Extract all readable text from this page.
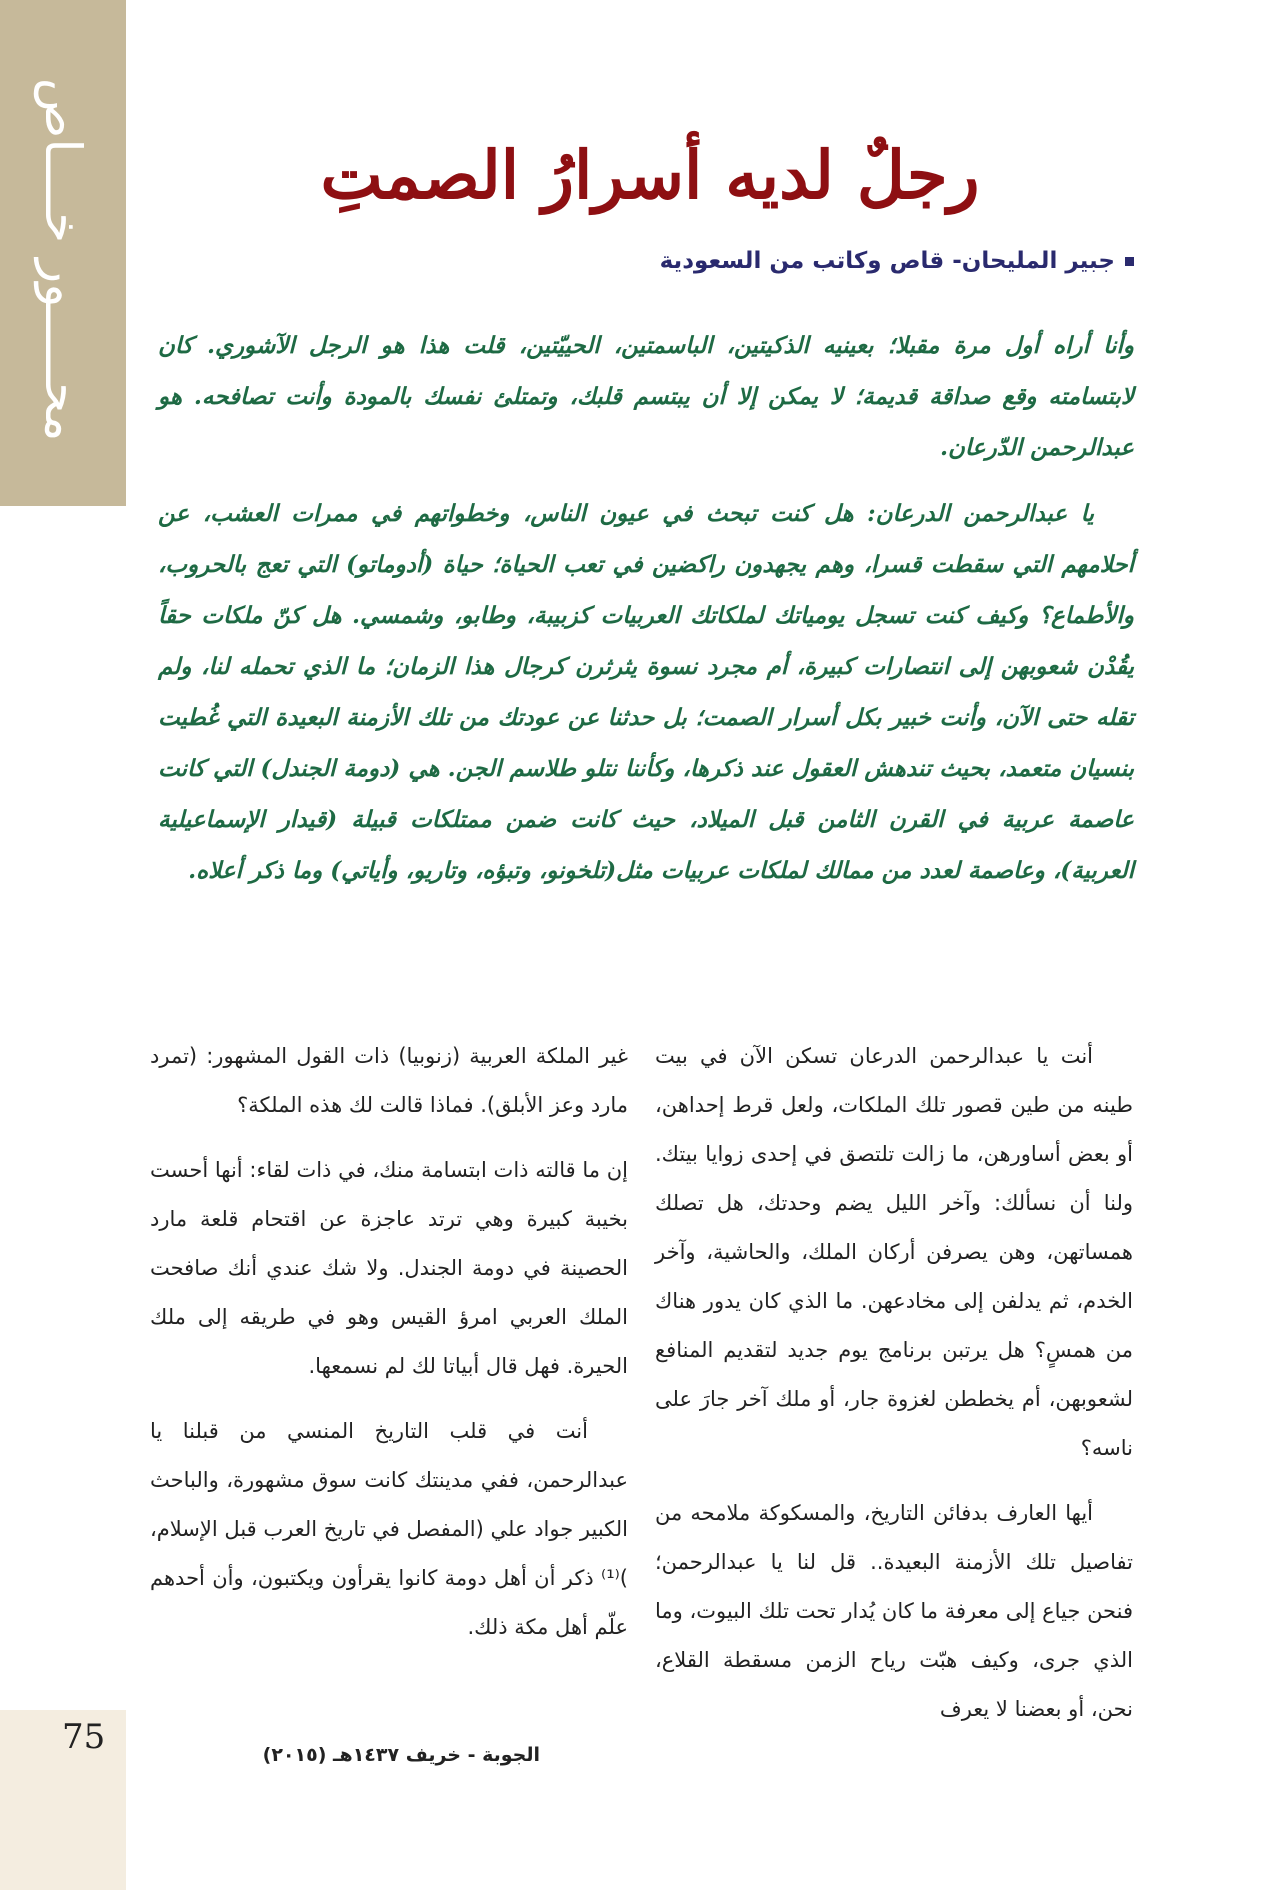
محـــــور خــــاص
75	الجوبة - خريف ١٤٣٧هـ (٢٠١٥)
رجلٌ لديه أسرارُ الصمتِ
جبير المليحان- قاص وكاتب من السعودية

وأنا أراه أول مرة مقبلا؛ بعينيه الذكيتين، الباسمتين، الحييّتين، قلت هذا هو الرجل الآشوري. كان لابتسامته وقع صداقة قديمة؛ لا يمكن إلا أن يبتسم قلبك، وتمتلئ نفسك بالمودة وأنت تصافحه. هو عبدالرحمن الدّرعان.

يا عبدالرحمن الدرعان: هل كنت تبحث في عيون الناس، وخطواتهم في ممرات العشب، عن أحلامهم التي سقطت قسرا، وهم يجهدون راكضين في تعب الحياة؛ حياة (أدوماتو) التي تعج بالحروب، والأطماع؟ وكيف كنت تسجل يومياتك لملكاتك العربيات كزبيبة، وطابو، وشمسي. هل كنّ ملكات حقاً يقُدْن شعوبهن إلى انتصارات كبيرة، أم مجرد نسوة يثرثرن كرجال هذا الزمان؛ ما الذي تحمله لنا، ولم تقله حتى الآن، وأنت خبير بكل أسرار الصمت؛ بل حدثنا عن عودتك من تلك الأزمنة البعيدة التي غُطيت بنسيان متعمد، بحيث تندهش العقول عند ذكرها، وكأننا نتلو طلاسم الجن. هي (دومة الجندل) التي كانت عاصمة عربية في القرن الثامن قبل الميلاد، حيث كانت ضمن ممتلكات قبيلة (قيدار الإسماعيلية العربية)، وعاصمة لعدد من ممالك لملكات عربيات مثل(تلخونو، وتبؤه، وتاريو، وأياتي) وما ذكر أعلاه.

أنت يا عبدالرحمن الدرعان تسكن الآن في بيت طينه من طين قصور تلك الملكات، ولعل قرط إحداهن، أو بعض أساورهن، ما زالت تلتصق في إحدى زوايا بيتك. ولنا أن نسألك: وآخر الليل يضم وحدتك، هل تصلك همساتهن، وهن يصرفن أركان الملك، والحاشية، وآخر الخدم، ثم يدلفن إلى مخادعهن. ما الذي كان يدور هناك من همسٍ؟ هل يرتبن برنامج يوم جديد لتقديم المنافع لشعوبهن، أم يخططن لغزوة جار، أو ملك آخر جارَ على ناسه؟

أيها العارف بدفائن التاريخ، والمسكوكة ملامحه من تفاصيل تلك الأزمنة البعيدة.. قل لنا يا عبدالرحمن؛ فنحن جياع إلى معرفة ما كان يُدار تحت تلك البيوت، وما الذي جرى، وكيف هبّت رياح الزمن مسقطة القلاع، نحن، أو بعضنا لا يعرف

غير الملكة العربية (زنوبيا) ذات القول المشهور: (تمرد مارد وعز الأبلق). فماذا قالت لك هذه الملكة؟

إن ما قالته ذات ابتسامة منك، في ذات لقاء: أنها أحست بخيبة كبيرة وهي ترتد عاجزة عن اقتحام قلعة مارد الحصينة في دومة الجندل. ولا شك عندي أنك صافحت الملك العربي امرؤ القيس وهو في طريقه إلى ملك الحيرة. فهل قال أبياتا لك لم نسمعها.

أنت في قلب التاريخ المنسي من قبلنا يا عبدالرحمن، ففي مدينتك كانت سوق مشهورة، والباحث الكبير جواد علي (المفصل في تاريخ العرب قبل الإسلام، )⁽¹⁾ ذكر أن أهل دومة كانوا يقرأون ويكتبون، وأن أحدهم علّم أهل مكة ذلك.
